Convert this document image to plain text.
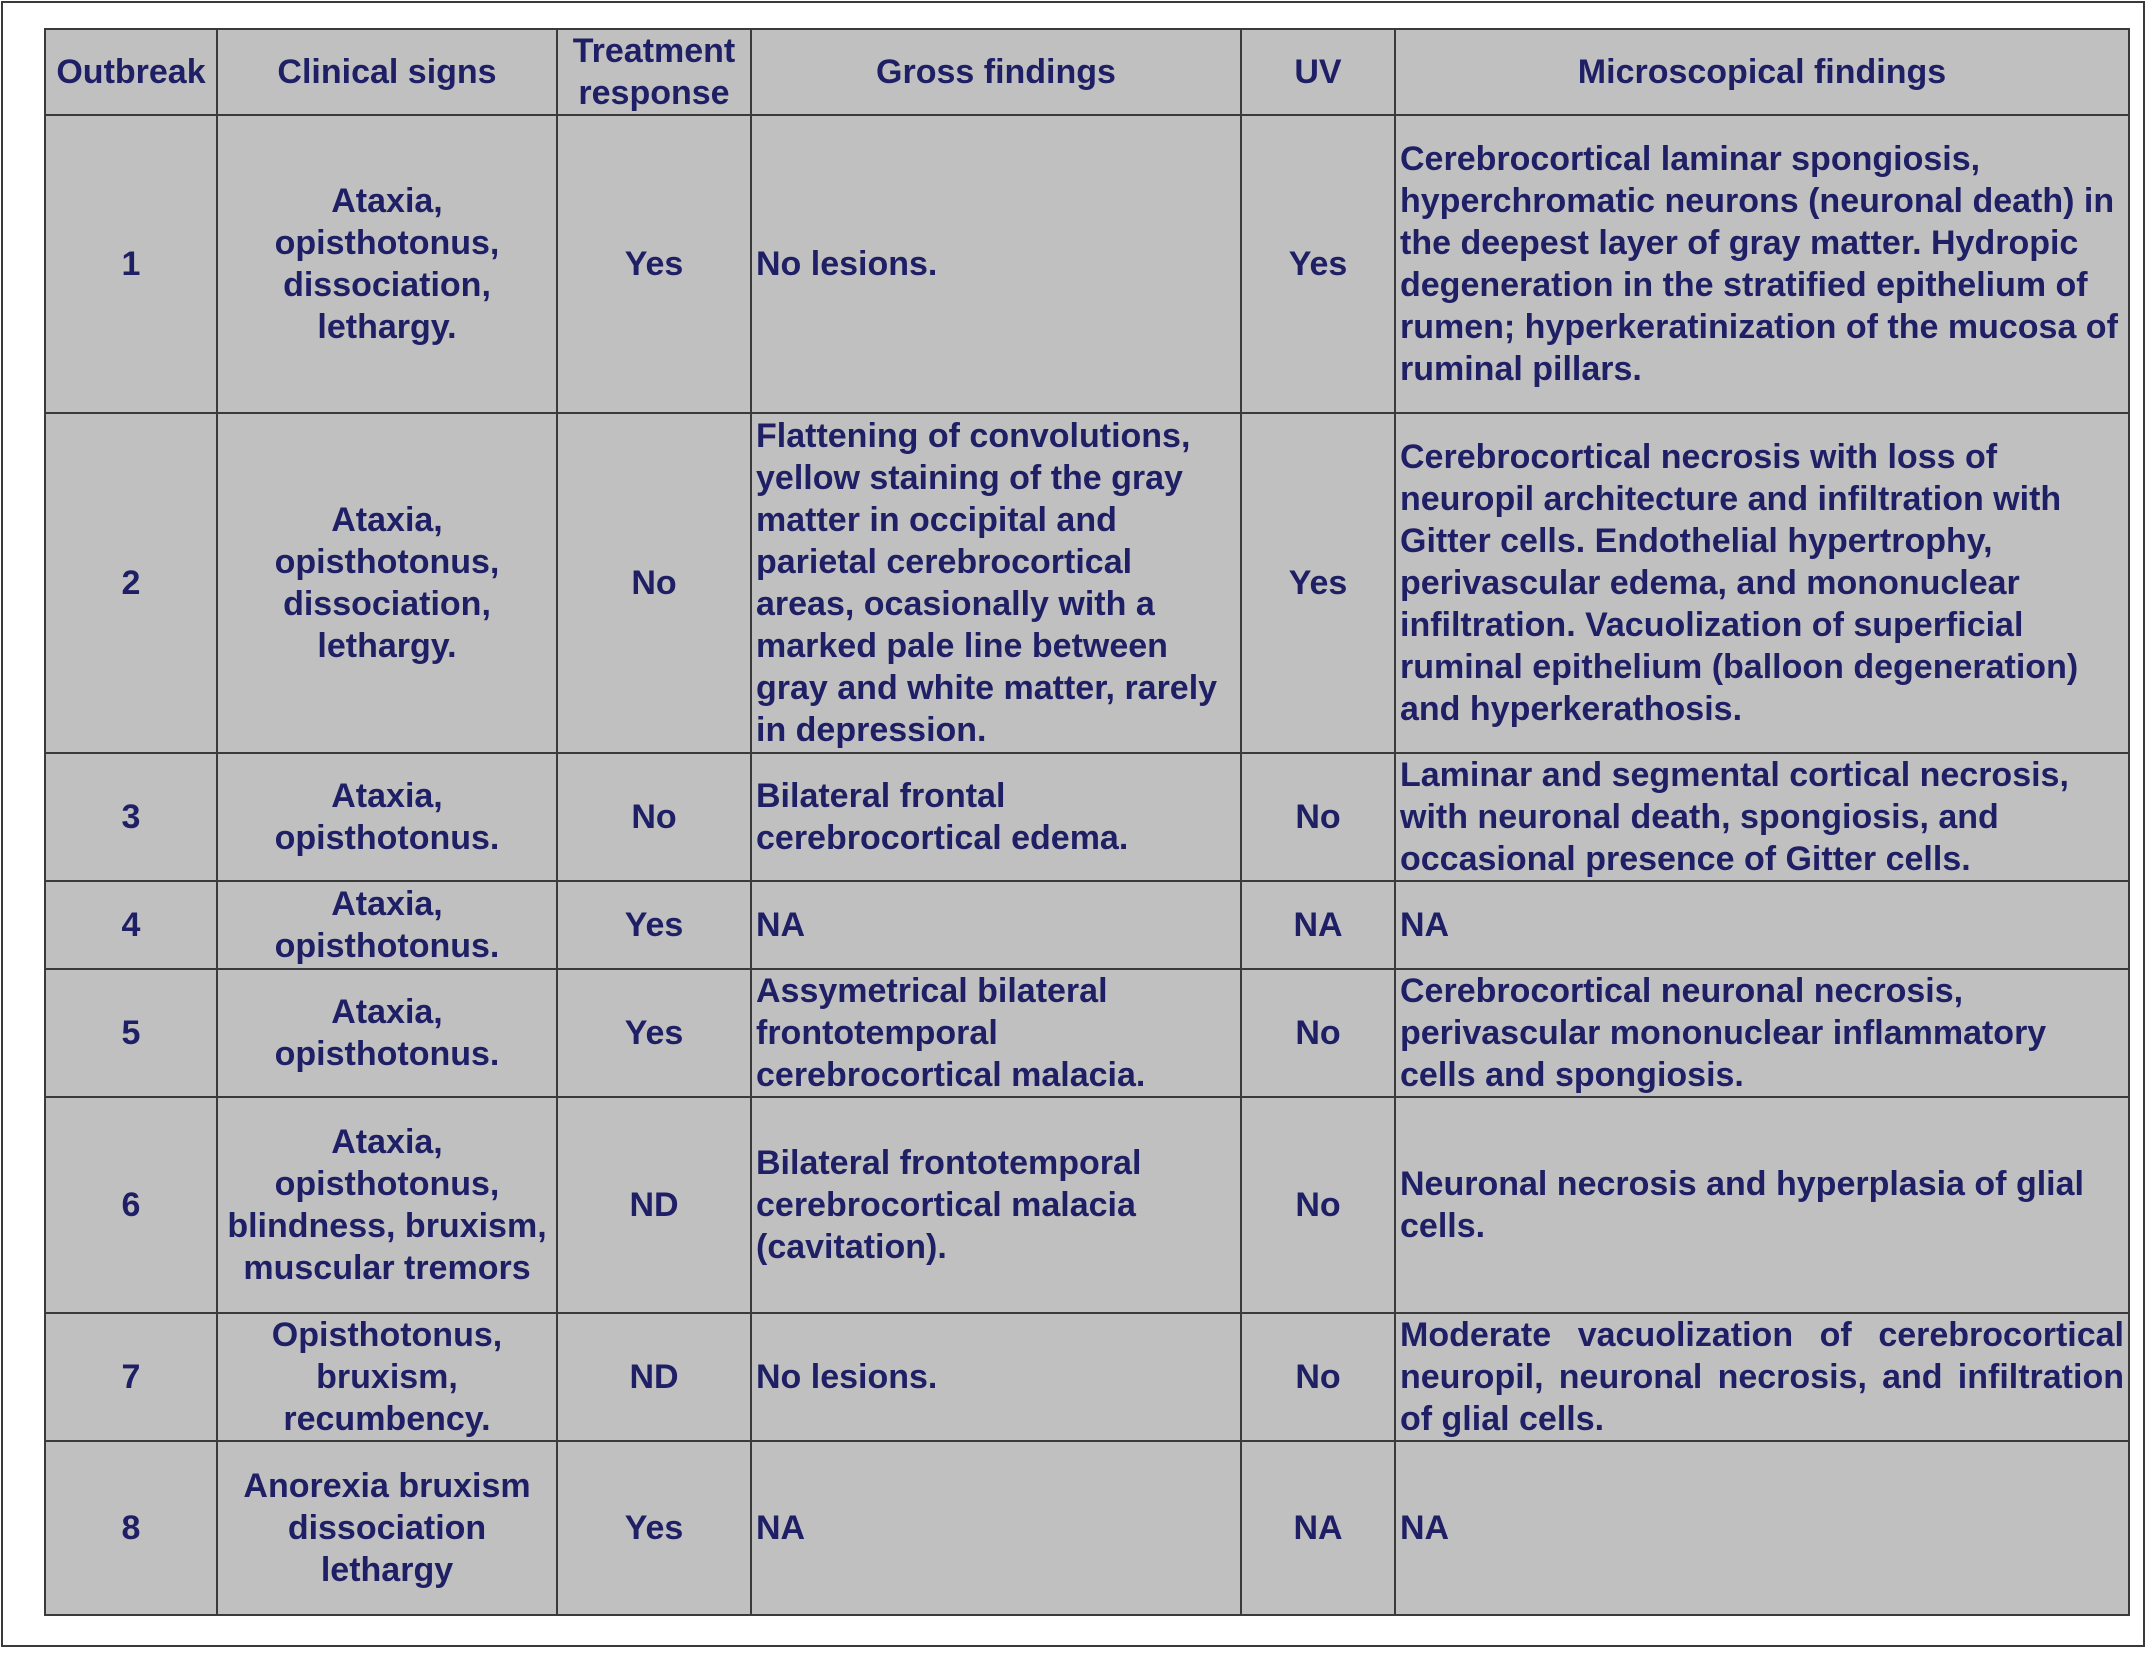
Outbreak	Clinical signs	Treatment response	Gross findings	UV	Microscopical findings
1	Ataxia, opisthotonus, dissociation, lethargy.	Yes	No lesions.	Yes	Cerebrocortical laminar spongiosis, hyperchromatic neurons (neuronal death) in the deepest layer of gray matter. Hydropic degeneration in the stratified epithelium of rumen; hyperkeratinization of the mucosa of ruminal pillars.
2	Ataxia, opisthotonus, dissociation, lethargy.	No	Flattening of convolutions, yellow staining of the gray matter in occipital and parietal cerebrocortical areas, ocasionally with a marked pale line between gray and white matter, rarely in depression.	Yes	Cerebrocortical necrosis with loss of neuropil architecture and infiltration with Gitter cells. Endothelial hypertrophy, perivascular edema, and mononuclear infiltration. Vacuolization of superficial ruminal epithelium (balloon degeneration) and hyperkerathosis.
3	Ataxia, opisthotonus.	No	Bilateral frontal cerebrocortical edema.	No	Laminar and segmental cortical necrosis, with neuronal death, spongiosis, and occasional presence of Gitter cells.
4	Ataxia, opisthotonus.	Yes	NA	NA	NA
5	Ataxia, opisthotonus.	Yes	Assymetrical bilateral frontotemporal cerebrocortical malacia.	No	Cerebrocortical neuronal necrosis, perivascular mononuclear inflammatory cells and spongiosis.
6	Ataxia, opisthotonus, blindness, bruxism, muscular tremors	ND	Bilateral frontotemporal cerebrocortical malacia (cavitation).	No	Neuronal necrosis and hyperplasia of glial cells.
7	Opisthotonus, bruxism, recumbency.	ND	No lesions.	No	Moderate vacuolization of cerebrocortical neuropil, neuronal necrosis, and infiltration of glial cells.
8	Anorexia bruxism dissociation lethargy	Yes	NA	NA	NA
